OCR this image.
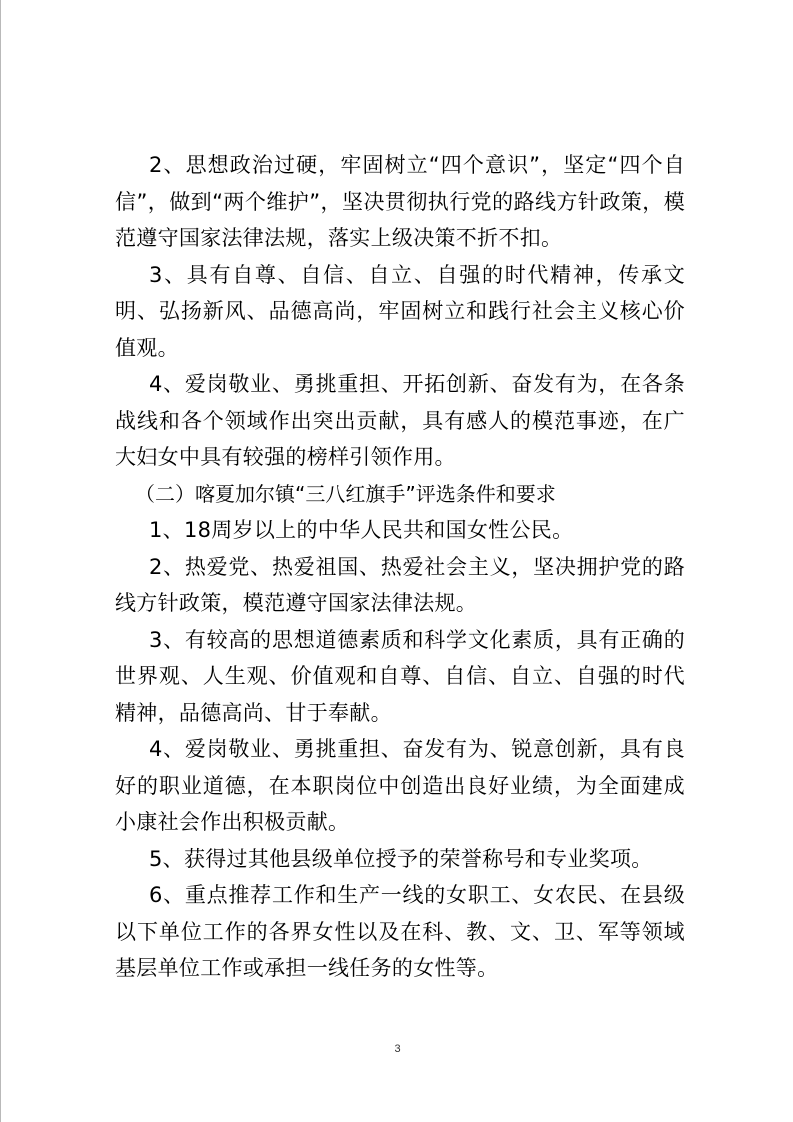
2、思想政治过硬，牢固树立“四个意识”，坚定“四个自信”，做到“两个维护”，坚决贯彻执行党的路线方针政策，模范遵守国家法律法规，落实上级决策不折不扣。

3、具有自尊、自信、自立、自强的时代精神，传承文明、弘扬新风、品德高尚，牢固树立和践行社会主义核心价值观。

4、爱岗敬业、勇挑重担、开拓创新、奋发有为，在各条战线和各个领域作出突出贡献，具有感人的模范事迹，在广大妇女中具有较强的榜样引领作用。

（二）喀夏加尔镇“三八红旗手”评选条件和要求

1、18周岁以上的中华人民共和国女性公民。

2、热爱党、热爱祖国、热爱社会主义，坚决拥护党的路线方针政策，模范遵守国家法律法规。

3、有较高的思想道德素质和科学文化素质，具有正确的世界观、人生观、价值观和自尊、自信、自立、自强的时代精神，品德高尚、甘于奉献。

4、爱岗敬业、勇挑重担、奋发有为、锐意创新，具有良好的职业道德，在本职岗位中创造出良好业绩，为全面建成小康社会作出积极贡献。

5、获得过其他县级单位授予的荣誉称号和专业奖项。

6、重点推荐工作和生产一线的女职工、女农民、在县级以下单位工作的各界女性以及在科、教、文、卫、军等领域基层单位工作或承担一线任务的女性等。

3
